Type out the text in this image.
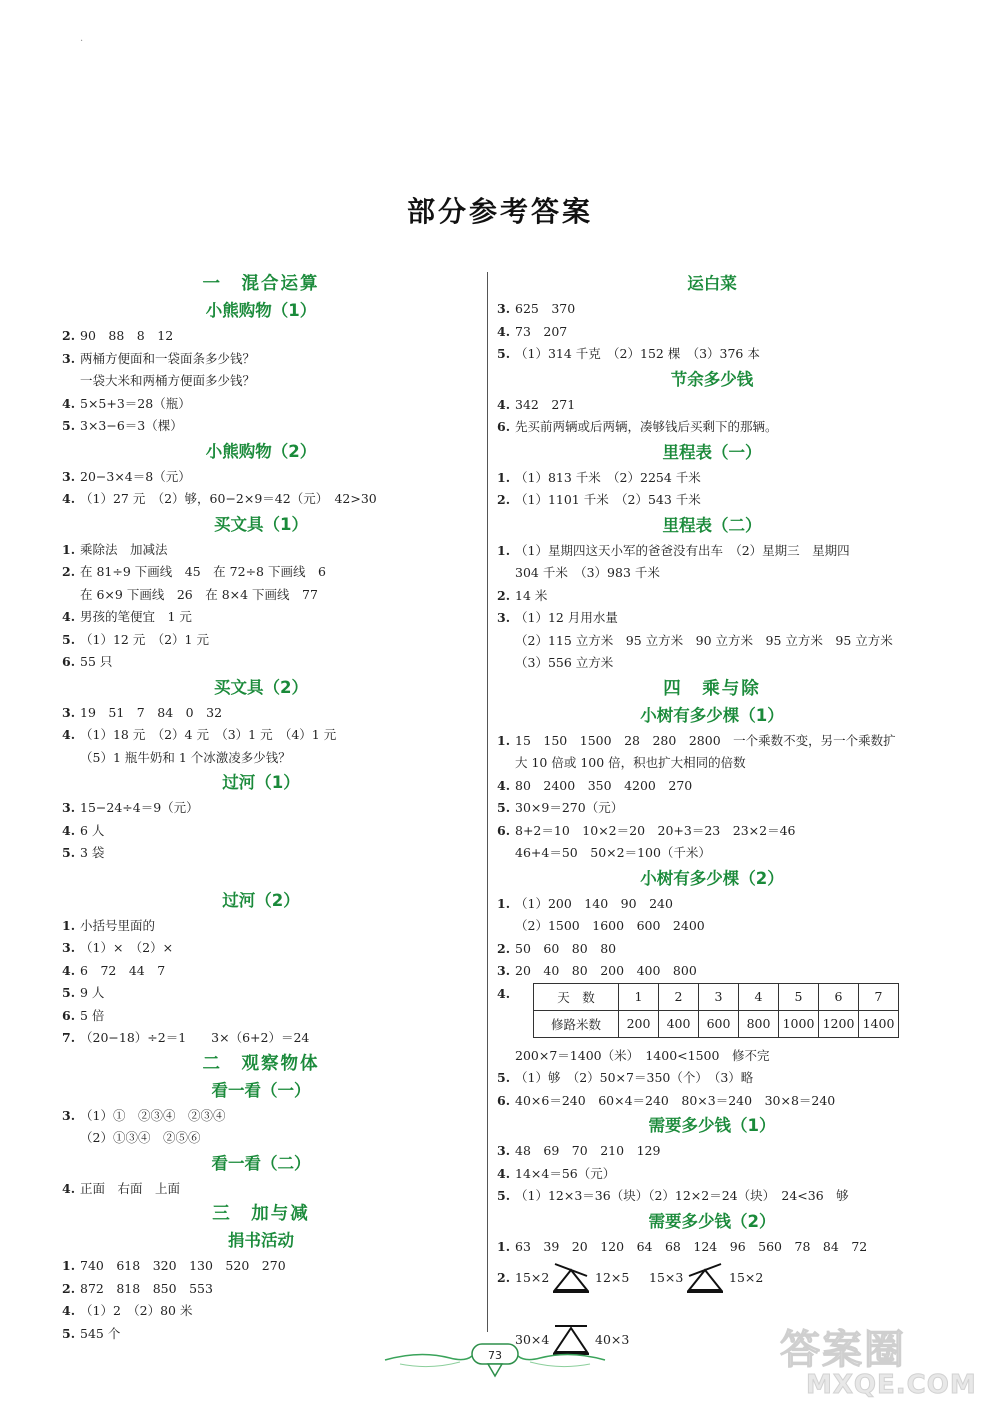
·
部分参考答案
一　混合运算
小熊购物（1）
2. 90　88　8　12
3. 两桶方便面和一袋面条多少钱？
一袋大米和两桶方便面多少钱？
4. 5×5+3＝28（瓶）
5. 3×3−6＝3（棵）
小熊购物（2）
3. 20−3×4＝8（元）
4. （1）27 元　（2）够，60−2×9＝42（元）　42>30
买文具（1）
1. 乘除法　加减法
2. 在 81÷9 下画线　45　在 72÷8 下画线　6
在 6×9 下画线　26　在 8×4 下画线　77
4. 男孩的笔便宜　1 元
5. （1）12 元　（2）1 元
6. 55 只
买文具（2）
3. 19　51　7　84　0　32
4. （1）18 元　（2）4 元　（3）1 元　（4）1 元
（5）1 瓶牛奶和 1 个冰激凌多少钱？
过河（1）
3. 15−24÷4＝9（元）
4. 6 人
5. 3 袋
过河（2）
1. 小括号里面的
3. （1）×　（2）×
4. 6　72　44　7
5. 9 人
6. 5 倍
7. （20−18）÷2＝1　　3×（6+2）＝24
二　观察物体
看一看（一）
3. （1）①　②③④　②③④
（2）①③④　②⑤⑥
看一看（二）
4. 正面　右面　上面
三　加与减
捐书活动
1. 740　618　320　130　520　270
2. 872　818　850　553
4. （1）2　（2）80 米
5. 545 个
运白菜
3. 625　370
4. 73　207
5. （1）314 千克　（2）152 棵　（3）376 本
节余多少钱
4. 342　271
6. 先买前两辆或后两辆，凑够钱后买剩下的那辆。
里程表（一）
1. （1）813 千米　（2）2254 千米
2. （1）1101 千米　（2）543 千米
里程表（二）
1. （1）星期四这天小军的爸爸没有出车　（2）星期三　星期四
304 千米　（3）983 千米
2. 14 米
3. （1）12 月用水量
（2）115 立方米　95 立方米　90 立方米　95 立方米　95 立方米
（3）556 立方米
四　乘与除
小树有多少棵（1）
1. 15　150　1500　28　280　2800　一个乘数不变，另一个乘数扩
大 10 倍或 100 倍，积也扩大相同的倍数
4. 80　2400　350　4200　270
5. 30×9＝270（元）
6. 8+2＝10　10×2＝20　20+3＝23　23×2＝46
46+4＝50　50×2＝100（千米）
小树有多少棵（2）
1. （1）200　140　90　240
（2）1500　1600　600　2400
2. 50　60　80　80
3. 20　40　80　200　400　800
4.	天　数	1	2	3	4	5	6	7
修路米数	200	400	600	800	1000	1200	1400
200×7＝1400（米）　1400<1500　修不完
5. （1）够　（2）50×7＝350（个）　（3）略
6. 40×6＝240　60×4＝240　80×3＝240　30×8＝240
需要多少钱（1）
3. 48　69　70　210　129
4. 14×4＝56（元）
5. （1）12×3＝36（块）（2）12×2＝24（块）　24<36　够
需要多少钱（2）
1. 63　39　20　120　64　68　124　96　560　78　84　72
2. 15×2	12×5 15×3	15×2
30×4	40×3
73	答案圈
MXQE.COM
